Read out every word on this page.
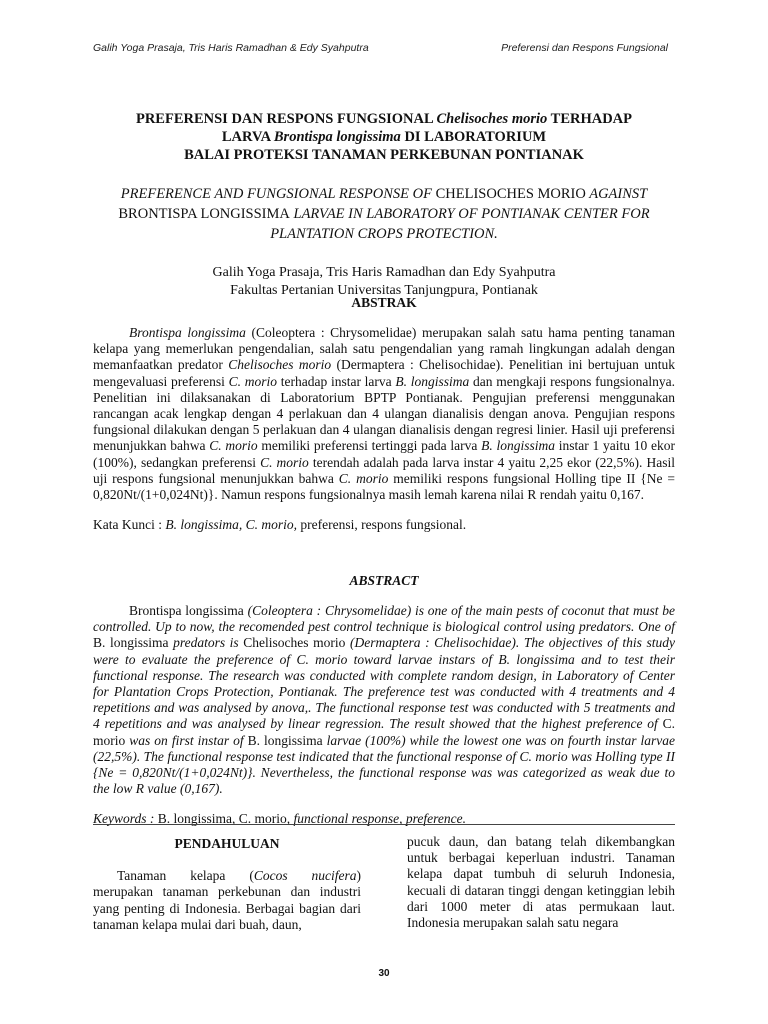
Galih Yoga Prasaja, Tris Haris Ramadhan & Edy Syahputra	Preferensi dan Respons Fungsional

PREFERENSI DAN RESPONS FUNGSIONAL Chelisoches morio TERHADAP
LARVA Brontispa longissima DI LABORATORIUM
BALAI PROTEKSI TANAMAN PERKEBUNAN PONTIANAK

PREFERENCE AND FUNGSIONAL RESPONSE OF CHELISOCHES MORIO AGAINST
BRONTISPA LONGISSIMA LARVAE IN LABORATORY OF PONTIANAK CENTER FOR
PLANTATION CROPS PROTECTION.

Galih Yoga Prasaja, Tris Haris Ramadhan dan Edy Syahputra
Fakultas Pertanian Universitas Tanjungpura, Pontianak

ABSTRAK

Brontispa longissima (Coleoptera : Chrysomelidae) merupakan salah satu hama penting tanaman kelapa yang memerlukan pengendalian, salah satu pengendalian yang ramah lingkungan adalah dengan memanfaatkan predator Chelisoches morio (Dermaptera : Chelisochidae). Penelitian ini bertujuan untuk mengevaluasi preferensi C. morio terhadap instar larva B. longissima dan mengkaji respons fungsionalnya. Penelitian ini dilaksanakan di Laboratorium BPTP Pontianak. Pengujian preferensi menggunakan rancangan acak lengkap dengan 4 perlakuan dan 4 ulangan dianalisis dengan anova. Pengujian respons fungsional dilakukan dengan 5 perlakuan dan 4 ulangan dianalisis dengan regresi linier. Hasil uji preferensi menunjukkan bahwa C. morio memiliki preferensi tertinggi pada larva B. longissima instar 1 yaitu 10 ekor (100%), sedangkan preferensi C. morio terendah adalah pada larva instar 4 yaitu 2,25 ekor (22,5%). Hasil uji respons fungsional menunjukkan bahwa C. morio memiliki respons fungsional Holling tipe II {Ne = 0,820Nt/(1+0,024Nt)}. Namun respons fungsionalnya masih lemah karena nilai R rendah yaitu 0,167.

Kata Kunci : B. longissima, C. morio, preferensi, respons fungsional.
ABSTRACT

Brontispa longissima (Coleoptera : Chrysomelidae) is one of the main pests of coconut that must be controlled. Up to now, the recomended pest control technique is biological control using predators. One of B. longissima predators is Chelisoches morio (Dermaptera : Chelisochidae). The objectives of this study were to evaluate the preference of C. morio toward larvae instars of B. longissima and to test their functional response. The research was conducted with complete random design, in Laboratory of Center for Plantation Crops Protection, Pontianak. The preference test was conducted with 4 treatments and 4 repetitions and was analysed by anova,. The functional response test was conducted with 5 treatments and 4 repetitions and was analysed by linear regression. The result showed that the highest preference of C. morio was on first instar of B. longissima larvae (100%) while the lowest one was on fourth instar larvae (22,5%). The functional response test indicated that the functional response of C. morio was Holling type II {Ne = 0,820Nt/(1+0,024Nt)}. Nevertheless, the functional response was was categorized as weak due to the low R value (0,167).

Keywords : B. longissima, C. morio, functional response, preference.
PENDAHULUAN

Tanaman kelapa (Cocos nucifera) merupakan tanaman perkebunan dan industri yang penting di Indonesia. Berbagai bagian dari tanaman kelapa mulai dari buah, daun,

pucuk daun, dan batang telah dikembangkan untuk berbagai keperluan industri. Tanaman kelapa dapat tumbuh di seluruh Indonesia, kecuali di dataran tinggi dengan ketinggian lebih dari 1000 meter di atas permukaan laut. Indonesia merupakan salah satu negara

30
